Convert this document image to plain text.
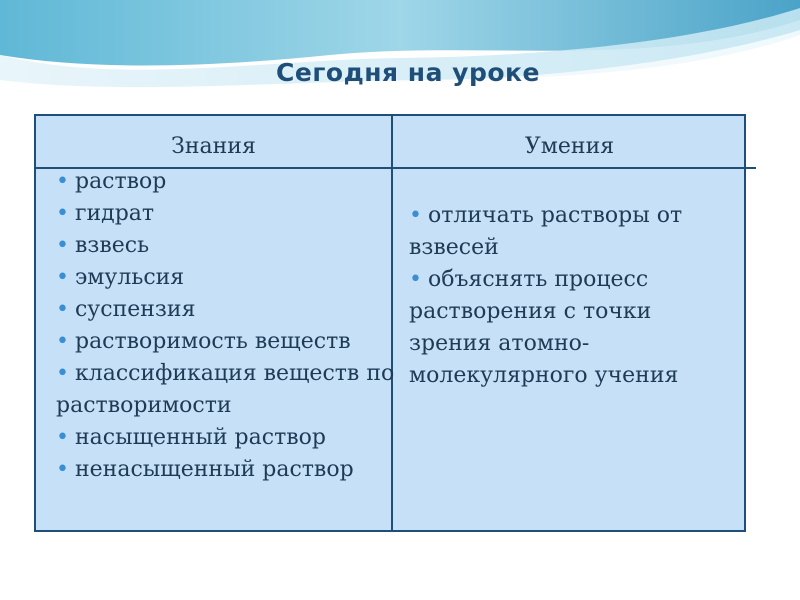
Сегодня на уроке
Знания	Умения
• раствор
• гидрат
• взвесь
• эмульсия
• суспензия
• растворимость веществ
• классификация веществ по растворимости
• насыщенный раствор
• ненасыщенный раствор
• отличать растворы от взвесей
• объяснять процесс растворения с точки зрения атомно-молекулярного учения
